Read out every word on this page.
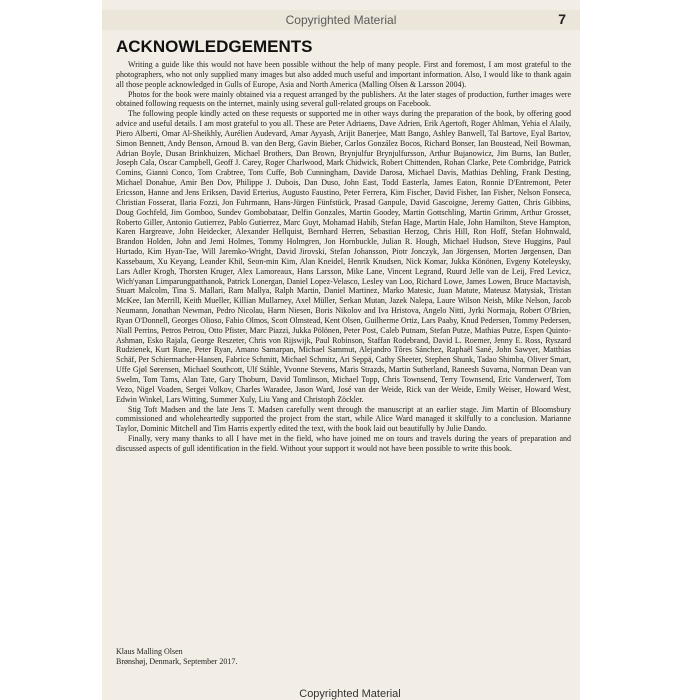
Copyrighted Material	7
ACKNOWLEDGEMENTS

Writing a guide like this would not have been possible without the help of many people. First and foremost, I am most grateful to the photographers, who not only supplied many images but also added much useful and important information. Also, I would like to thank again all those people acknowledged in Gulls of Europe, Asia and North America (Malling Olsen & Larsson 2004).

Photos for the book were mainly obtained via a request arranged by the publishers. At the later stages of production, further images were obtained following requests on the internet, mainly using several gull-related groups on Facebook.

The following people kindly acted on these requests or supported me in other ways during the preparation of the book, by offering good advice and useful details. I am most grateful to you all. These are Peter Adriaens, Dave Adrien, Erik Agertoft, Roger Ahlman, Yehia el Alaily, Piero Alberti, Omar Al-Sheikhly, Aurélien Audevard, Amar Ayyash, Arijit Banerjee, Matt Bango, Ashley Banwell, Tal Bartove, Eyal Bartov, Simon Bennett, Andy Benson, Arnoud B. van den Berg, Gavin Bieber, Carlos González Bocos, Richard Bonser, Ian Boustead, Neil Bowman, Adrian Boyle, Dusan Brinkhuizen, Michael Brothers, Dan Brown, Brynjulfur Brynjulfursson, Arthur Bujanowicz, Jim Burns, Ian Butler, Joseph Cala, Oscar Campbell, Geoff J. Carey, Roger Charlwood, Mark Chidwick, Robert Chittenden, Rohan Clarke, Pete Combridge, Patrick Comins, Gianni Conco, Tom Crabtree, Tom Cuffe, Bob Cunningham, Davide Darosa, Michael Davis, Mathias Dehling, Frank Desting, Michael Donahue, Amir Ben Dov, Philippe J. Dubois, Dan Duso, John East, Todd Easterla, James Eaton, Ronnie D'Entremont, Peter Ericsson, Hanne and Jens Eriksen, David Erterius, Augusto Faustino, Peter Ferrera, Kim Fischer, David Fisher, Ian Fisher, Nelson Fonseca, Christian Fosserat, Ilaria Fozzi, Jon Fuhrmann, Hans-Jürgen Fünfstück, Prasad Ganpule, David Gascoigne, Jeremy Gatten, Chris Gibbins, Doug Gochfeld, Jim Gomboo, Sundev Gombobataar, Delfin Gonzales, Martin Goodey, Martin Gottschling, Martin Grimm, Arthur Grosset, Roberto Giller, Antonio Gutierrez, Pablo Gutierrez, Marc Guyt, Mohamad Habib, Stefan Hage, Martin Hale, John Hamilton, Steve Hampton, Karen Hargreave, John Heidecker, Alexander Hellquist, Bernhard Herren, Sebastian Herzog, Chris Hill, Ron Hoff, Stefan Hohnwald, Brandon Holden, John and Jemi Holmes, Tommy Holmgren, Jon Hornbuckle, Julian R. Hough, Michael Hudson, Steve Huggins, Paul Hurtado, Kim Hyan-Tae, Will Jaremko-Wright, David Jirovski, Stefan Johansson, Piotr Jonczyk, Jan Jörgensen, Morten Jørgensen, Dan Kassebaum, Xu Keyang, Leander Khil, Seon-min Kim, Alan Kneidel, Henrik Knudsen, Nick Komar, Jukka Könönen, Evgeny Koteleysky, Lars Adler Krogh, Thorsten Kruger, Alex Lamoreaux, Hans Larsson, Mike Lane, Vincent Legrand, Ruurd Jelle van de Leij, Fred Levicz, Wich'yanan Limparungpatthanok, Patrick Lonergan, Daniel Lopez-Velasco, Lesley van Loo, Richard Lowe, James Lowen, Bruce Mactavish, Stuart Malcolm, Tina S. Mallari, Ram Mallya, Ralph Martin, Daniel Martinez, Marko Matesic, Juan Matute, Mateusz Matysiak, Tristan McKee, Ian Merrill, Keith Mueller, Killian Mullarney, Axel Müller, Serkan Mutan, Jazek Nalepa, Laure Wilson Neish, Mike Nelson, Jacob Neumann, Jonathan Newman, Pedro Nicolau, Harm Niesen, Boris Nikolov and Iva Hristova, Angelo Nitti, Jyrki Normaja, Robert O'Brien, Ryan O'Donnell, Georges Olioso, Fabio Olmos, Scott Olmstead, Kent Olsen, Guilherme Ortiz, Lars Paaby, Knud Pedersen, Tommy Pedersen, Niall Perrins, Petros Petrou, Otto Pfister, Marc Piazzi, Jukka Pölönen, Peter Post, Caleb Putnam, Stefan Putze, Mathias Putze, Espen Quinto-Ashman, Esko Rajala, George Reszeter, Chris von Rijswijk, Paul Robinson, Staffan Rodebrand, David L. Roemer, Jenny E. Ross, Ryszard Rudzienek, Kurt Rune, Peter Ryan, Amano Samarpan, Michael Sammut, Alejandro Tôres Sánchez, Raphaël Sané, John Sawyer, Matthias Schäf, Per Schiermacher-Hansen, Fabrice Schmitt, Michael Schmitz, Ari Seppä, Cathy Sheeter, Stephen Shunk, Tadao Shimba, Oliver Smart, Uffe Gjøl Sørensen, Michael Southcott, Ulf Ståhle, Yvonne Stevens, Maris Strazds, Martin Sutherland, Raneesh Suvarna, Norman Dean van Swelm, Tom Tams, Alan Tate, Gary Thoburn, David Tomlinson, Michael Topp, Chris Townsend, Terry Townsend, Eric Vanderwerf, Tom Vezo, Nigel Voaden, Sergei Volkov, Charles Waradee, Jason Ward, José van der Weide, Rick van der Weide, Emily Weiser, Howard West, Edwin Winkel, Lars Witting, Summer Xuly, Liu Yang and Christoph Zöckler.

Stig Toft Madsen and the late Jens T. Madsen carefully went through the manuscript at an earlier stage. Jim Martin of Bloomsbury commissioned and wholeheartedly supported the project from the start, while Alice Ward managed it skilfully to a conclusion. Marianne Taylor, Dominic Mitchell and Tim Harris expertly edited the text, with the book laid out beautifully by Julie Dando.

Finally, very many thanks to all I have met in the field, who have joined me on tours and travels during the years of preparation and discussed aspects of gull identification in the field. Without your support it would not have been possible to write this book.

Klaus Malling Olsen
Brønshøj, Denmark, September 2017.
Copyrighted Material
